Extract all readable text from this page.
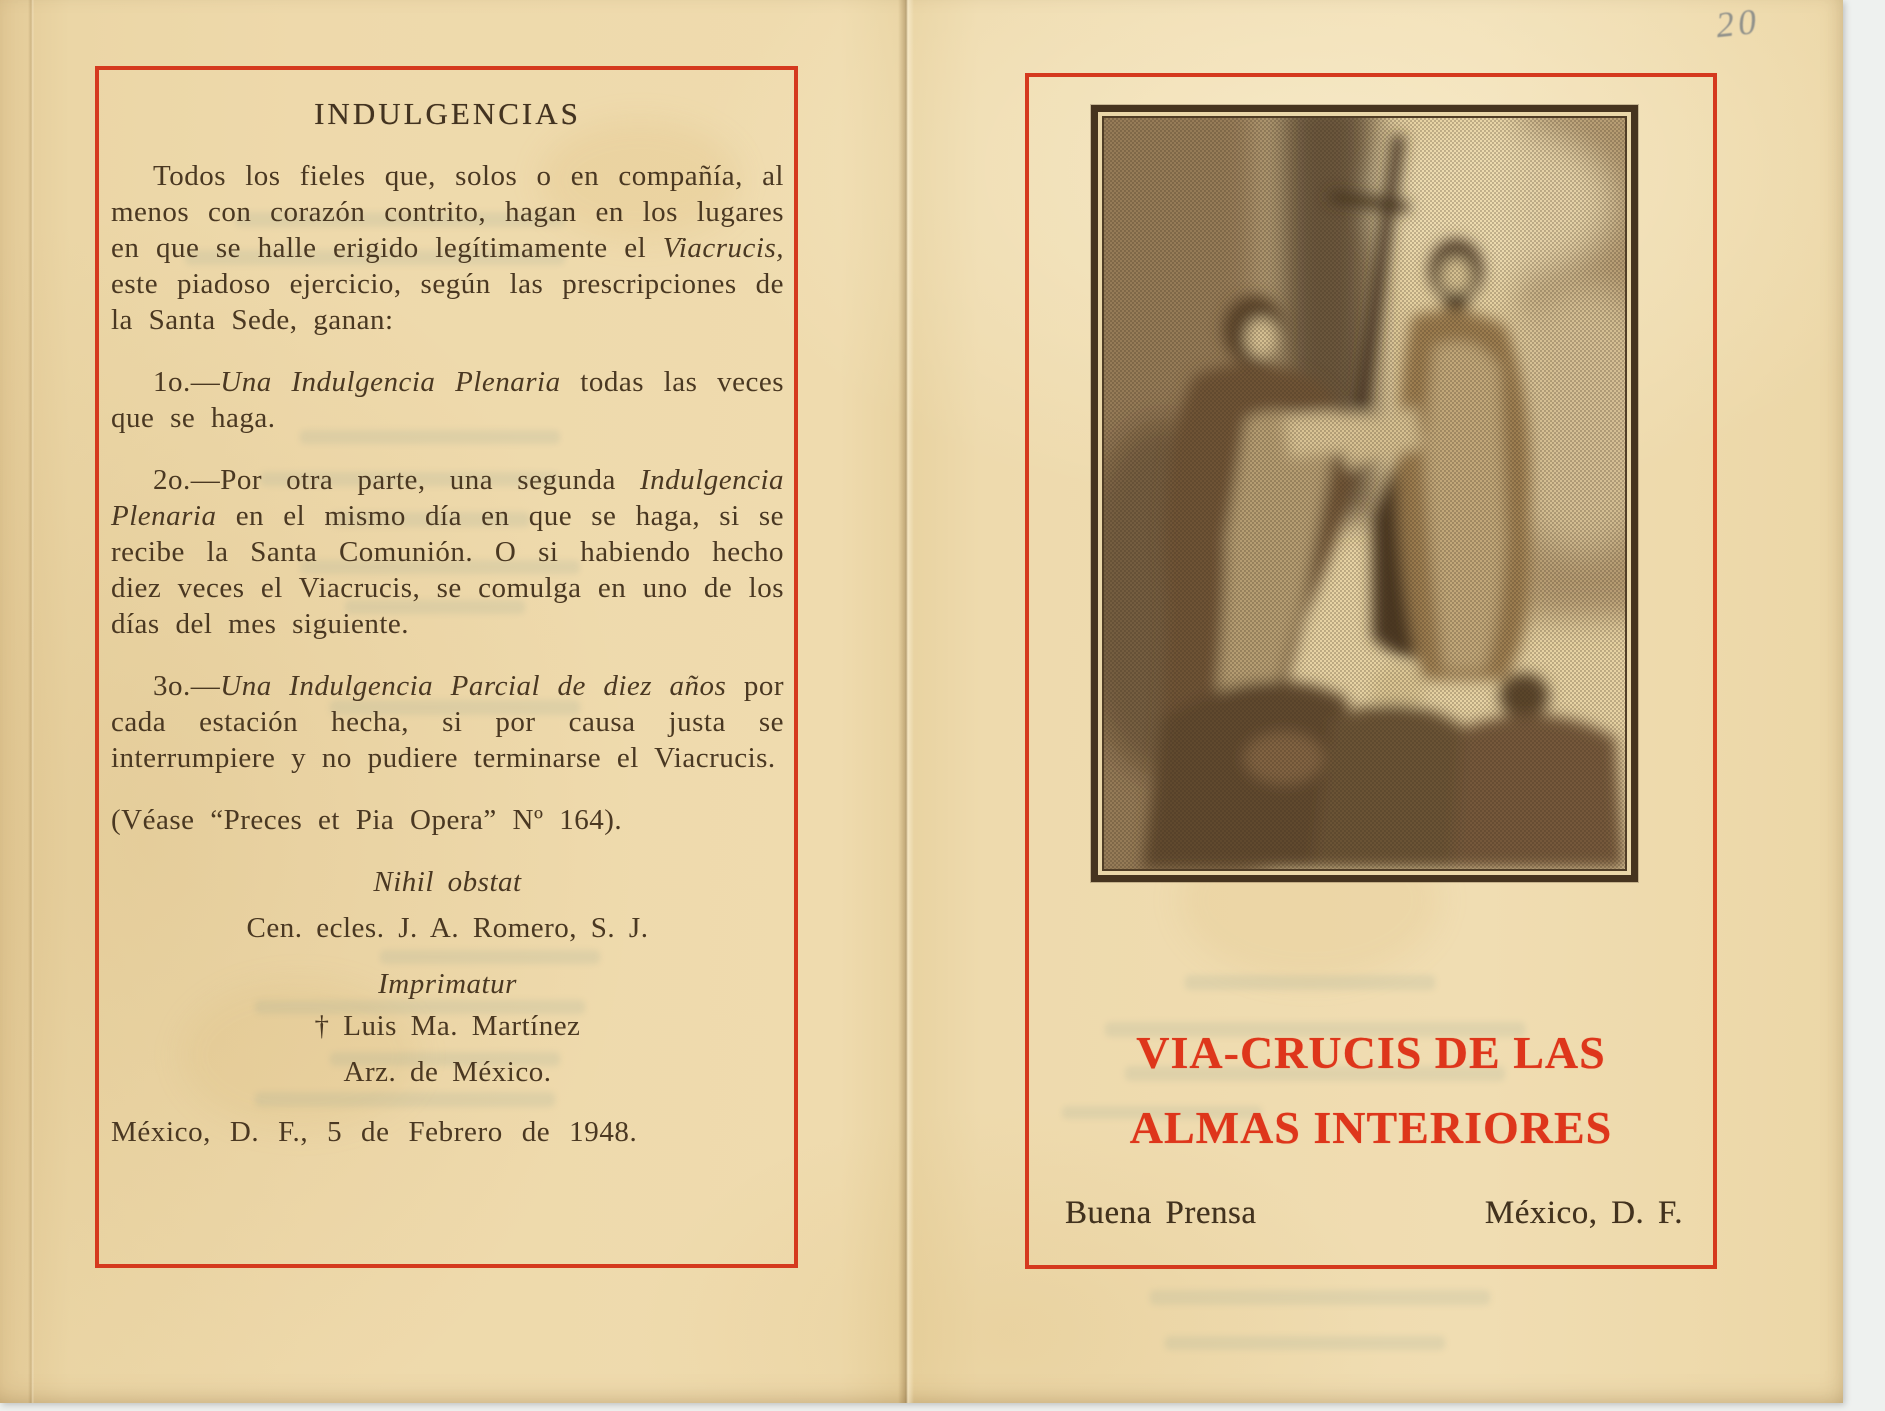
INDULGENCIAS

Todos los fieles que, solos o en compañía, al menos con corazón contrito, hagan en los lugares en que se halle erigido legítimamente el Viacrucis, este piadoso ejercicio, según las prescripciones de la Santa Sede, ganan:

1o.—Una Indulgencia Plenaria todas las veces que se haga.

2o.—Por otra parte, una segunda Indulgencia Plenaria en el mismo día en que se haga, si se recibe la Santa Comunión. O si habiendo hecho diez veces el Viacrucis, se comulga en uno de los días del mes siguiente.

3o.—Una Indulgencia Parcial de diez años por cada estación hecha, si por causa justa se interrumpiere y no pudiere terminarse el Viacrucis.

(Véase “Preces et Pia Opera” Nº 164).

Nihil obstat
Cen. ecles. J. A. Romero, S. J.
Imprimatur
† Luis Ma. Martínez
Arz. de México.
México, D. F., 5 de Febrero de 1948.
VIA-CRUCIS DE LAS
ALMAS INTERIORES
Buena Prensa	México, D. F.
20
